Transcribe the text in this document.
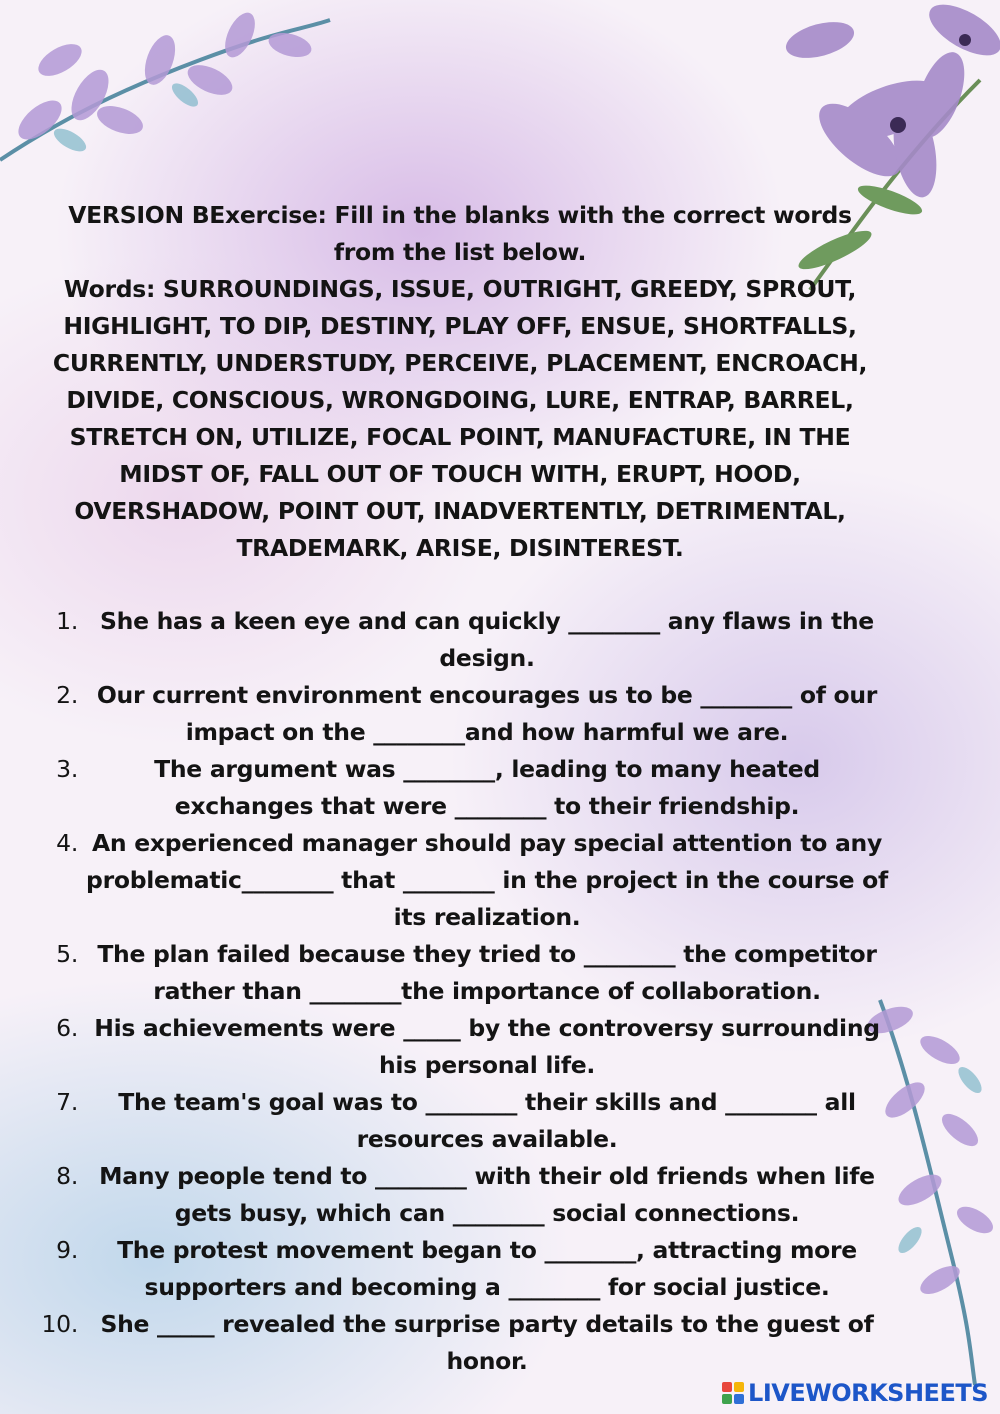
VERSION BExercise: Fill in the blanks with the correct words from the list below.

Words: SURROUNDINGS, ISSUE, OUTRIGHT, GREEDY, SPROUT, HIGHLIGHT, TO DIP, DESTINY, PLAY OFF, ENSUE, SHORTFALLS, CURRENTLY, UNDERSTUDY, PERCEIVE, PLACEMENT, ENCROACH, DIVIDE, CONSCIOUS, WRONGDOING, LURE, ENTRAP, BARREL, STRETCH ON, UTILIZE, FOCAL POINT, MANUFACTURE, IN THE MIDST OF, FALL OUT OF TOUCH WITH, ERUPT, HOOD, OVERSHADOW, POINT OUT, INADVERTENTLY, DETRIMENTAL, TRADEMARK, ARISE, DISINTEREST.

1. She has a keen eye and can quickly ________ any flaws in the design.
2. Our current environment encourages us to be ________ of our impact on the ________and how harmful we are.
3.	The argument was ________, leading to many heated exchanges that were ________ to their friendship.
4. An experienced manager should pay special attention to any problematic________ that ________ in the project in the course of its realization.
5. The plan failed because they tried to ________ the competitor rather than ________the importance of collaboration.
6. His achievements were _____ by the controversy surrounding his personal life.
7. The team's goal was to ________ their skills and ________ all resources available.
8. Many people tend to ________ with their old friends when life gets busy, which can ________ social connections.
9. The protest movement began to ________, attracting more supporters and becoming a ________ for social justice.
10. She _____ revealed the surprise party details to the guest of honor.
LIVEWORKSHEETS
